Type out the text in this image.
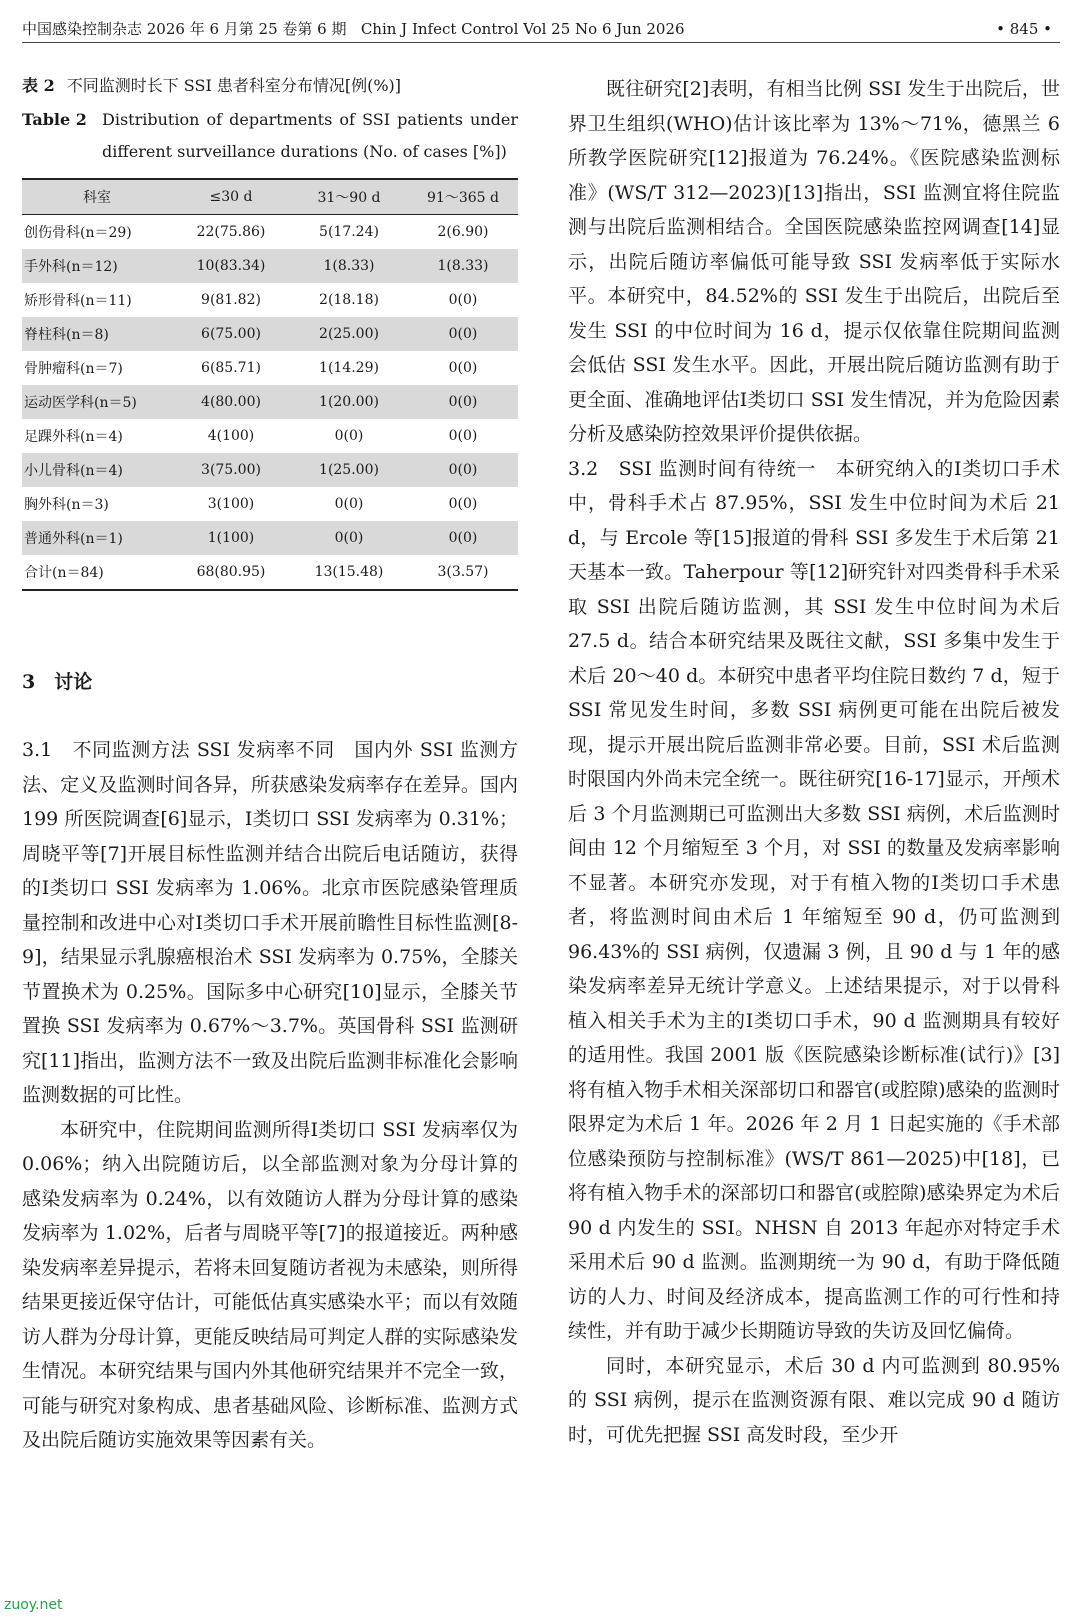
中国感染控制杂志 2026 年 6 月第 25 卷第 6 期 Chin J Infect Control Vol 25 No 6 Jun 2026	• 845 •
表 2 不同监测时长下 SSI 患者科室分布情况[例(%)]
Table 2 Distribution of departments of SSI patients under different surveillance durations (No. of cases [%])
科室	≤30 d	31～90 d	91～365 d
创伤骨科(n＝29)	22(75.86)	5(17.24)	2(6.90)
手外科(n＝12)	10(83.34)	1(8.33)	1(8.33)
矫形骨科(n＝11)	9(81.82)	2(18.18)	0(0)
脊柱科(n＝8)	6(75.00)	2(25.00)	0(0)
骨肿瘤科(n＝7)	6(85.71)	1(14.29)	0(0)
运动医学科(n＝5)	4(80.00)	1(20.00)	0(0)
足踝外科(n＝4)	4(100)	0(0)	0(0)
小儿骨科(n＝4)	3(75.00)	1(25.00)	0(0)
胸外科(n＝3)	3(100)	0(0)	0(0)
普通外科(n＝1)	1(100)	0(0)	0(0)
合计(n＝84)	68(80.95)	13(15.48)	3(3.57)
3　讨论

3.1　不同监测方法 SSI 发病率不同　国内外 SSI 监测方法、定义及监测时间各异，所获感染发病率存在差异。国内 199 所医院调查[6]显示，Ⅰ类切口 SSI 发病率为 0.31%；周晓平等[7]开展目标性监测并结合出院后电话随访，获得的Ⅰ类切口 SSI 发病率为 1.06%。北京市医院感染管理质量控制和改进中心对Ⅰ类切口手术开展前瞻性目标性监测[8-9]，结果显示乳腺癌根治术 SSI 发病率为 0.75%，全膝关节置换术为 0.25%。国际多中心研究[10]显示，全膝关节置换 SSI 发病率为 0.67%～3.7%。英国骨科 SSI 监测研究[11]指出，监测方法不一致及出院后监测非标准化会影响监测数据的可比性。

本研究中，住院期间监测所得Ⅰ类切口 SSI 发病率仅为 0.06%；纳入出院随访后，以全部监测对象为分母计算的感染发病率为 0.24%，以有效随访人群为分母计算的感染发病率为 1.02%，后者与周晓平等[7]的报道接近。两种感染发病率差异提示，若将未回复随访者视为未感染，则所得结果更接近保守估计，可能低估真实感染水平；而以有效随访人群为分母计算，更能反映结局可判定人群的实际感染发生情况。本研究结果与国内外其他研究结果并不完全一致，可能与研究对象构成、患者基础风险、诊断标准、监测方式及出院后随访实施效果等因素有关。

既往研究[2]表明，有相当比例 SSI 发生于出院后，世界卫生组织(WHO)估计该比率为 13%～71%，德黑兰 6 所教学医院研究[12]报道为 76.24%。《医院感染监测标准》(WS/T 312—2023)[13]指出，SSI 监测宜将住院监测与出院后监测相结合。全国医院感染监控网调查[14]显示，出院后随访率偏低可能导致 SSI 发病率低于实际水平。本研究中，84.52%的 SSI 发生于出院后，出院后至发生 SSI 的中位时间为 16 d，提示仅依靠住院期间监测会低估 SSI 发生水平。因此，开展出院后随访监测有助于更全面、准确地评估Ⅰ类切口 SSI 发生情况，并为危险因素分析及感染防控效果评价提供依据。

3.2　SSI 监测时间有待统一　本研究纳入的Ⅰ类切口手术中，骨科手术占 87.95%，SSI 发生中位时间为术后 21 d，与 Ercole 等[15]报道的骨科 SSI 多发生于术后第 21 天基本一致。Taherpour 等[12]研究针对四类骨科手术采取 SSI 出院后随访监测，其 SSI 发生中位时间为术后 27.5 d。结合本研究结果及既往文献，SSI 多集中发生于术后 20～40 d。本研究中患者平均住院日数约 7 d，短于 SSI 常见发生时间，多数 SSI 病例更可能在出院后被发现，提示开展出院后监测非常必要。目前，SSI 术后监测时限国内外尚未完全统一。既往研究[16-17]显示，开颅术后 3 个月监测期已可监测出大多数 SSI 病例，术后监测时间由 12 个月缩短至 3 个月，对 SSI 的数量及发病率影响不显著。本研究亦发现，对于有植入物的Ⅰ类切口手术患者，将监测时间由术后 1 年缩短至 90 d，仍可监测到 96.43%的 SSI 病例，仅遗漏 3 例，且 90 d 与 1 年的感染发病率差异无统计学意义。上述结果提示，对于以骨科植入相关手术为主的Ⅰ类切口手术，90 d 监测期具有较好的适用性。我国 2001 版《医院感染诊断标准(试行)》[3]将有植入物手术相关深部切口和器官(或腔隙)感染的监测时限界定为术后 1 年。2026 年 2 月 1 日起实施的《手术部位感染预防与控制标准》(WS/T 861—2025)中[18]，已将有植入物手术的深部切口和器官(或腔隙)感染界定为术后 90 d 内发生的 SSI。NHSN 自 2013 年起亦对特定手术采用术后 90 d 监测。监测期统一为 90 d，有助于降低随访的人力、时间及经济成本，提高监测工作的可行性和持续性，并有助于减少长期随访导致的失访及回忆偏倚。

同时，本研究显示，术后 30 d 内可监测到 80.95%的 SSI 病例，提示在监测资源有限、难以完成 90 d 随访时，可优先把握 SSI 高发时段，至少开

zuoy.net
